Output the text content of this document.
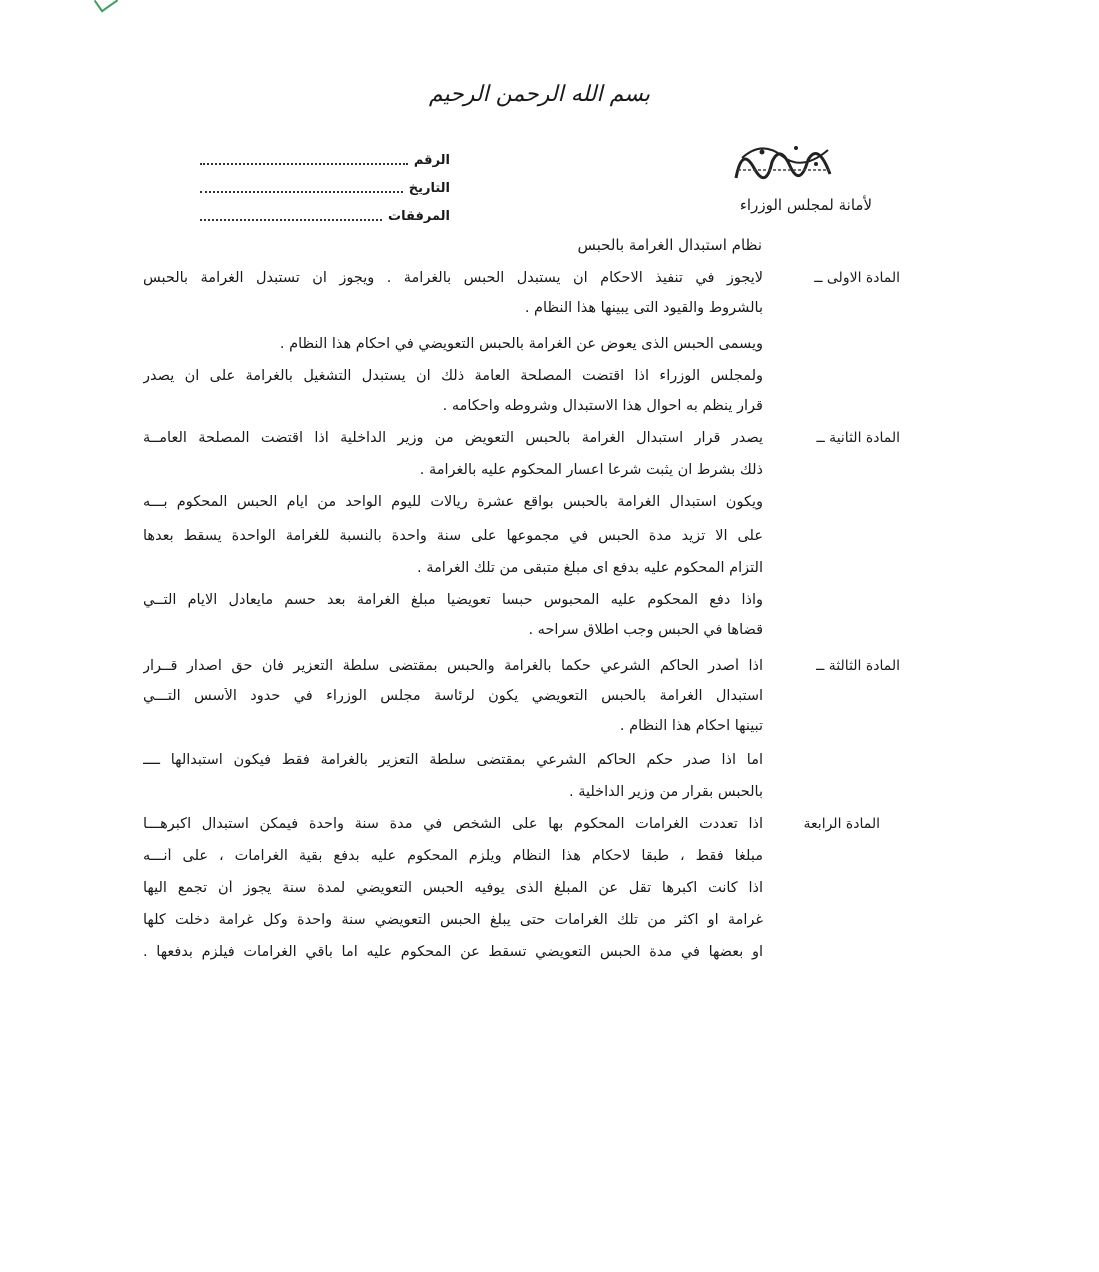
بسم الله الرحمن الرحيم
لأمانة لمجلس الوزراء
الرقم
التاريخ
المرفقات
نظام استبدال الغرامة بالحبس
المادة الاولى ــ
لايجوز في تنفيذ الاحكام ان يستبدل الحبس بالغرامة . ويجوز ان تستبدل الغرامة بالحبس
بالشروط والقيود التى يبينها هذا النظام .
ويسمى الحبس الذى يعوض عن الغرامة بالحبس التعويضي في احكام هذا النظام .
ولمجلس الوزراء اذا اقتضت المصلحة العامة ذلك ان يستبدل التشغيل بالغرامة على ان يصدر
قرار ينظم به احوال هذا الاستبدال وشروطه واحكامه .
المادة الثانية ــ
يصدر قرار استبدال الغرامة بالحبس التعويض من وزير الداخلية اذا اقتضت المصلحة العامــة
ذلك بشرط ان يثبت شرعا اعسار المحكوم عليه بالغرامة .
ويكون استبدال الغرامة بالحبس بواقع عشرة ريالات لليوم الواحد من ايام الحبس المحكوم بـــه
على الا تزيد مدة الحبس في مجموعها على سنة واحدة بالنسبة للغرامة الواحدة يسقط بعدها
التزام المحكوم عليه بدفع اى مبلغ متبقى من تلك الغرامة .
واذا دفع المحكوم عليه المحبوس حبسا تعويضيا مبلغ الغرامة بعد حسم مايعادل الايام التــي
قضاها في الحبس وجب اطلاق سراحه .
المادة الثالثة ــ
اذا أصدر الحاكم الشرعي حكما بالغرامة والحبس بمقتضى سلطة التعزير فان حق اصدار قــرار
استبدال الغرامة بالحبس التعويضي يكون لرئاسة مجلس الوزراء في حدود الأسس التـــي
تبينها احكام هذا النظام .
اما اذا صدر حكم الحاكم الشرعي بمقتضى سلطة التعزير بالغرامة فقط فيكون استبدالها ــــ
بالحبس بقرار من وزير الداخلية .
المادة الرابعة
اذا تعددت الغرامات المحكوم بها على الشخص في مدة سنة واحدة فيمكن استبدال اكبرهـــا
مبلغا فقط ، طبقا لاحكام هذا النظام ويلزم المحكوم عليه بدفع بقية الغرامات ، على أنـــه
اذا كانت اكبرها تقل عن المبلغ الذى يوفيه الحبس التعويضي لمدة سنة يجوز أن تجمع اليها
غرامة او اكثر من تلك الغرامات حتى يبلغ الحبس التعويضي سنة واحدة وكل غرامة دخلت كلها
او بعضها في مدة الحبس التعويضي تسقط عن المحكوم عليه اما باقي الغرامات فيلزم بدفعها .
